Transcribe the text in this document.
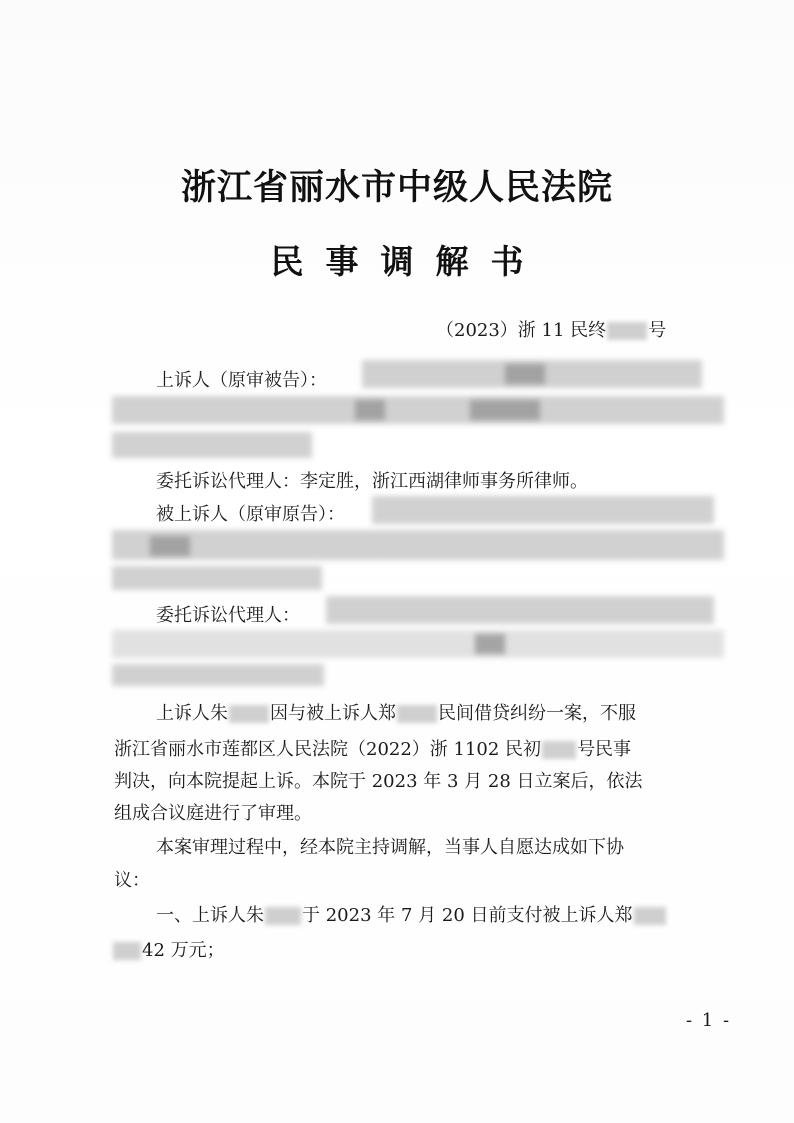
浙江省丽水市中级人民法院
民事调解书
（2023）浙 11 民终 号
上诉人（原审被告）：
委托诉讼代理人：李定胜，浙江西湖律师事务所律师。
被上诉人（原审原告）：
委托诉讼代理人：
上诉人朱 因与被上诉人郑 民间借贷纠纷一案，不服
浙江省丽水市莲都区人民法院（2022）浙 1102 民初 号民事
判决，向本院提起上诉。本院于 2023 年 3 月 28 日立案后，依法
组成合议庭进行了审理。
本案审理过程中，经本院主持调解，当事人自愿达成如下协
议：
一、上诉人朱 于 2023 年 7 月 20 日前支付被上诉人郑
42 万元；
- 1 -
